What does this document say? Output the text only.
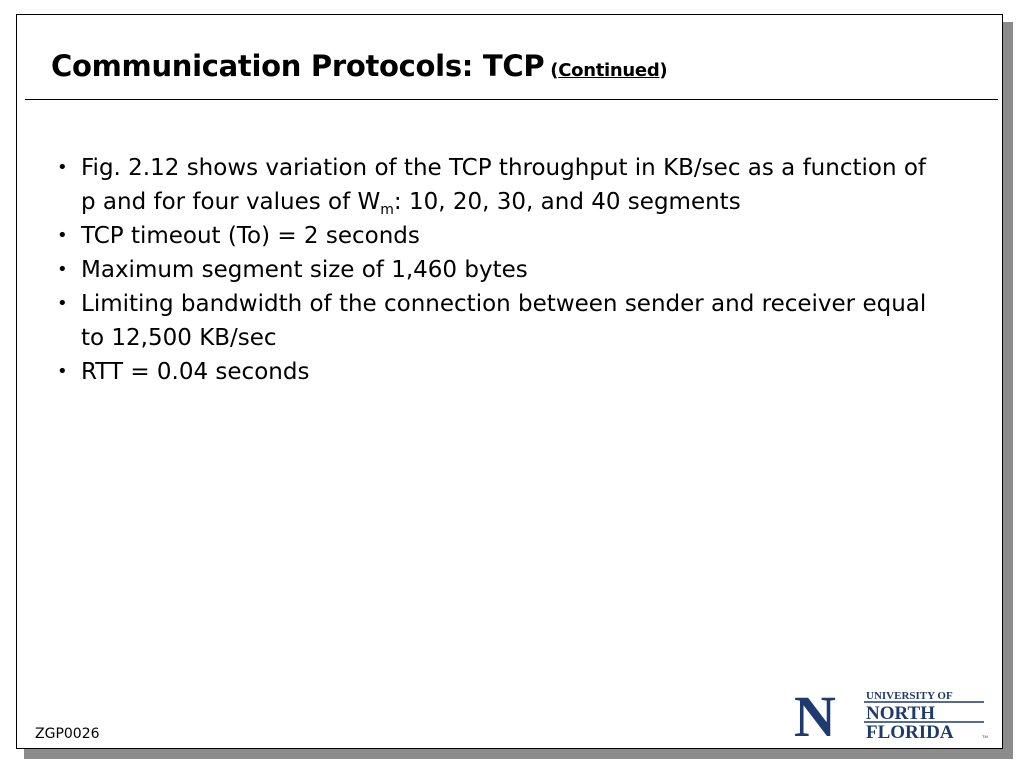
Communication Protocols: TCP (Continued)
• Fig. 2.12 shows variation of the TCP throughput in KB/sec as a function of p and for four values of $W_m$: 10, 20, 30, and 40 segments
• TCP timeout (To) = 2 seconds
• Maximum segment size of 1,460 bytes
• Limiting bandwidth of the connection between sender and receiver equal to 12,500 KB/sec
• RTT = 0.04 seconds
ZGP0026	N	UNIVERSITY OF
NORTH
FLORIDA	TM
